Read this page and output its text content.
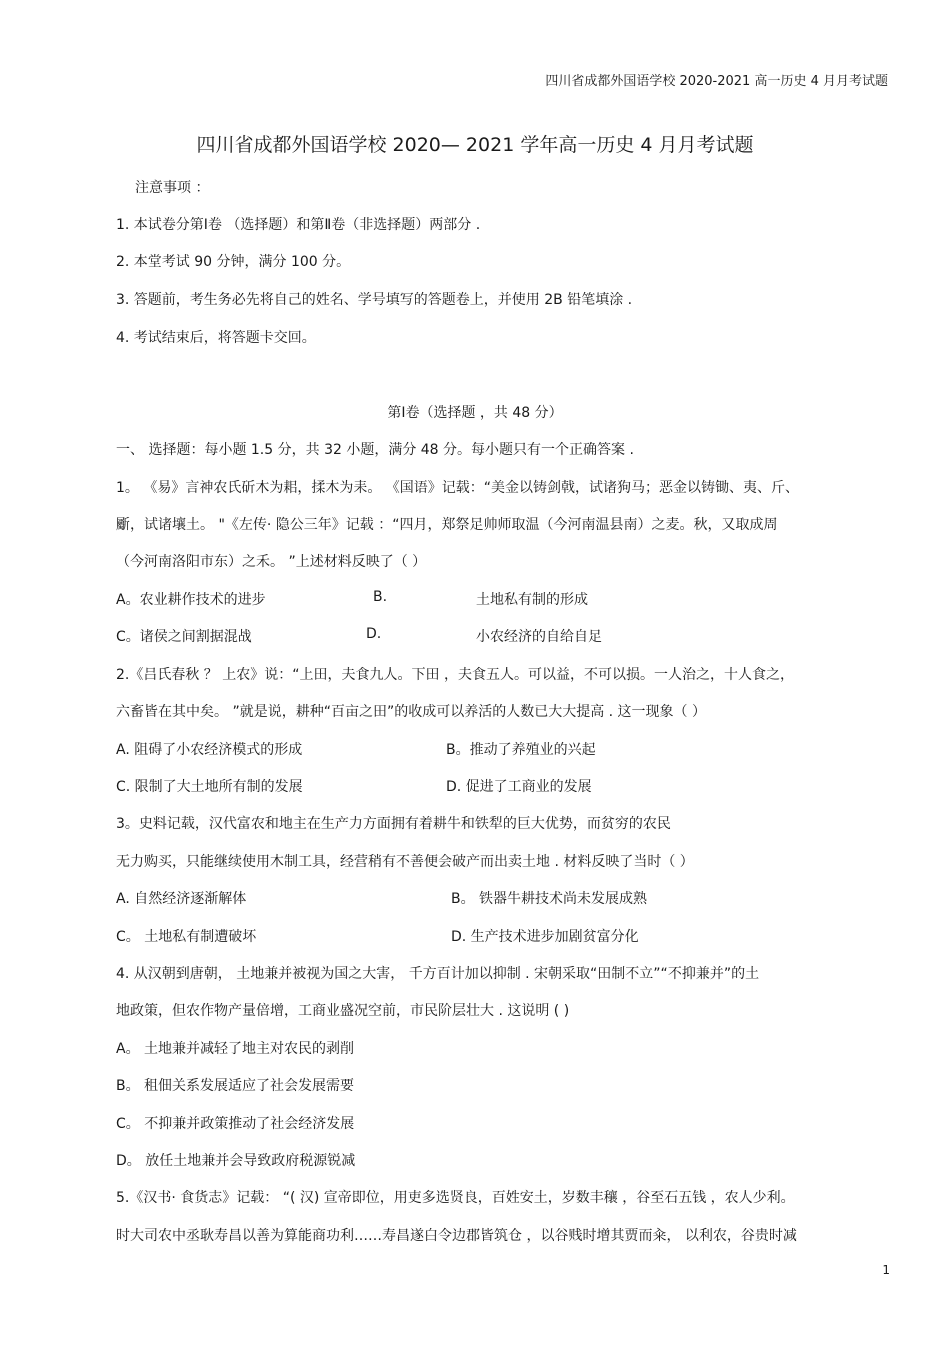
四川省成都外国语学校 2020-2021 高一历史 4 月月考试题
四川省成都外国语学校 2020— 2021 学年高一历史 4 月月考试题
注意事项 ：
1. 本试卷分第Ⅰ卷 （选择题）和第Ⅱ卷（非选择题）两部分 .
2. 本堂考试 90 分钟，满分 100 分。
3. 答题前，考生务必先将自己的姓名、学号填写的答题卷上，并使用 2B 铅笔填涂 .
4. 考试结束后，将答题卡交回。
第Ⅰ卷（选择题 ，共 48 分）
一、 选择题：每小题 1.5 分，共 32 小题，满分 48 分。每小题只有一个正确答案 .
1。 《易》言神农氏斫木为耜，揉木为耒。 《国语》记载：“美金以铸剑戟，试诸狗马；恶金以铸锄、夷、斤、
斸，试诸壤土。 "《左传· 隐公三年》记载 ：“四月，郑祭足帅师取温（今河南温县南）之麦。秋，又取成周
（今河南洛阳市东）之禾。 ”上述材料反映了（ ）
A。农业耕作技术的进步	B.	土地私有制的形成
C。诸侯之间割据混战	D.	小农经济的自给自足
2.《吕氏春秋 ？ 上农》说：“上田，夫食九人。下田 ，夫食五人。可以益，不可以损。一人治之，十人食之，
六畜皆在其中矣。 ”就是说，耕种“百亩之田”的收成可以养活的人数已大大提高 . 这一现象（ ）
A. 阻碍了小农经济模式的形成	B。推动了养殖业的兴起
C. 限制了大土地所有制的发展	D. 促进了工商业的发展
3。史料记载，汉代富农和地主在生产力方面拥有着耕牛和铁犁的巨大优势，而贫穷的农民
无力购买，只能继续使用木制工具，经营稍有不善便会破产而出卖土地 . 材料反映了当时（ ）
A. 自然经济逐渐解体	B。 铁器牛耕技术尚未发展成熟
C。 土地私有制遭破坏	D. 生产技术进步加剧贫富分化
4. 从汉朝到唐朝， 土地兼并被视为国之大害， 千方百计加以抑制 . 宋朝采取“田制不立”“不抑兼并”的土
地政策，但农作物产量倍增，工商业盛况空前，市民阶层壮大 . 这说明 ( )
A。 土地兼并减轻了地主对农民的剥削
B。 租佃关系发展适应了社会发展需要
C。 不抑兼并政策推动了社会经济发展
D。 放任土地兼并会导致政府税源锐减
5.《汉书· 食货志》记载： “( 汉) 宣帝即位，用吏多选贤良，百姓安土，岁数丰穰 ，谷至石五钱 ，农人少利。
时大司农中丞耿寿昌以善为算能商功利……寿昌遂白令边郡皆筑仓 ，以谷贱时增其贾而籴， 以利农，谷贵时减
1
